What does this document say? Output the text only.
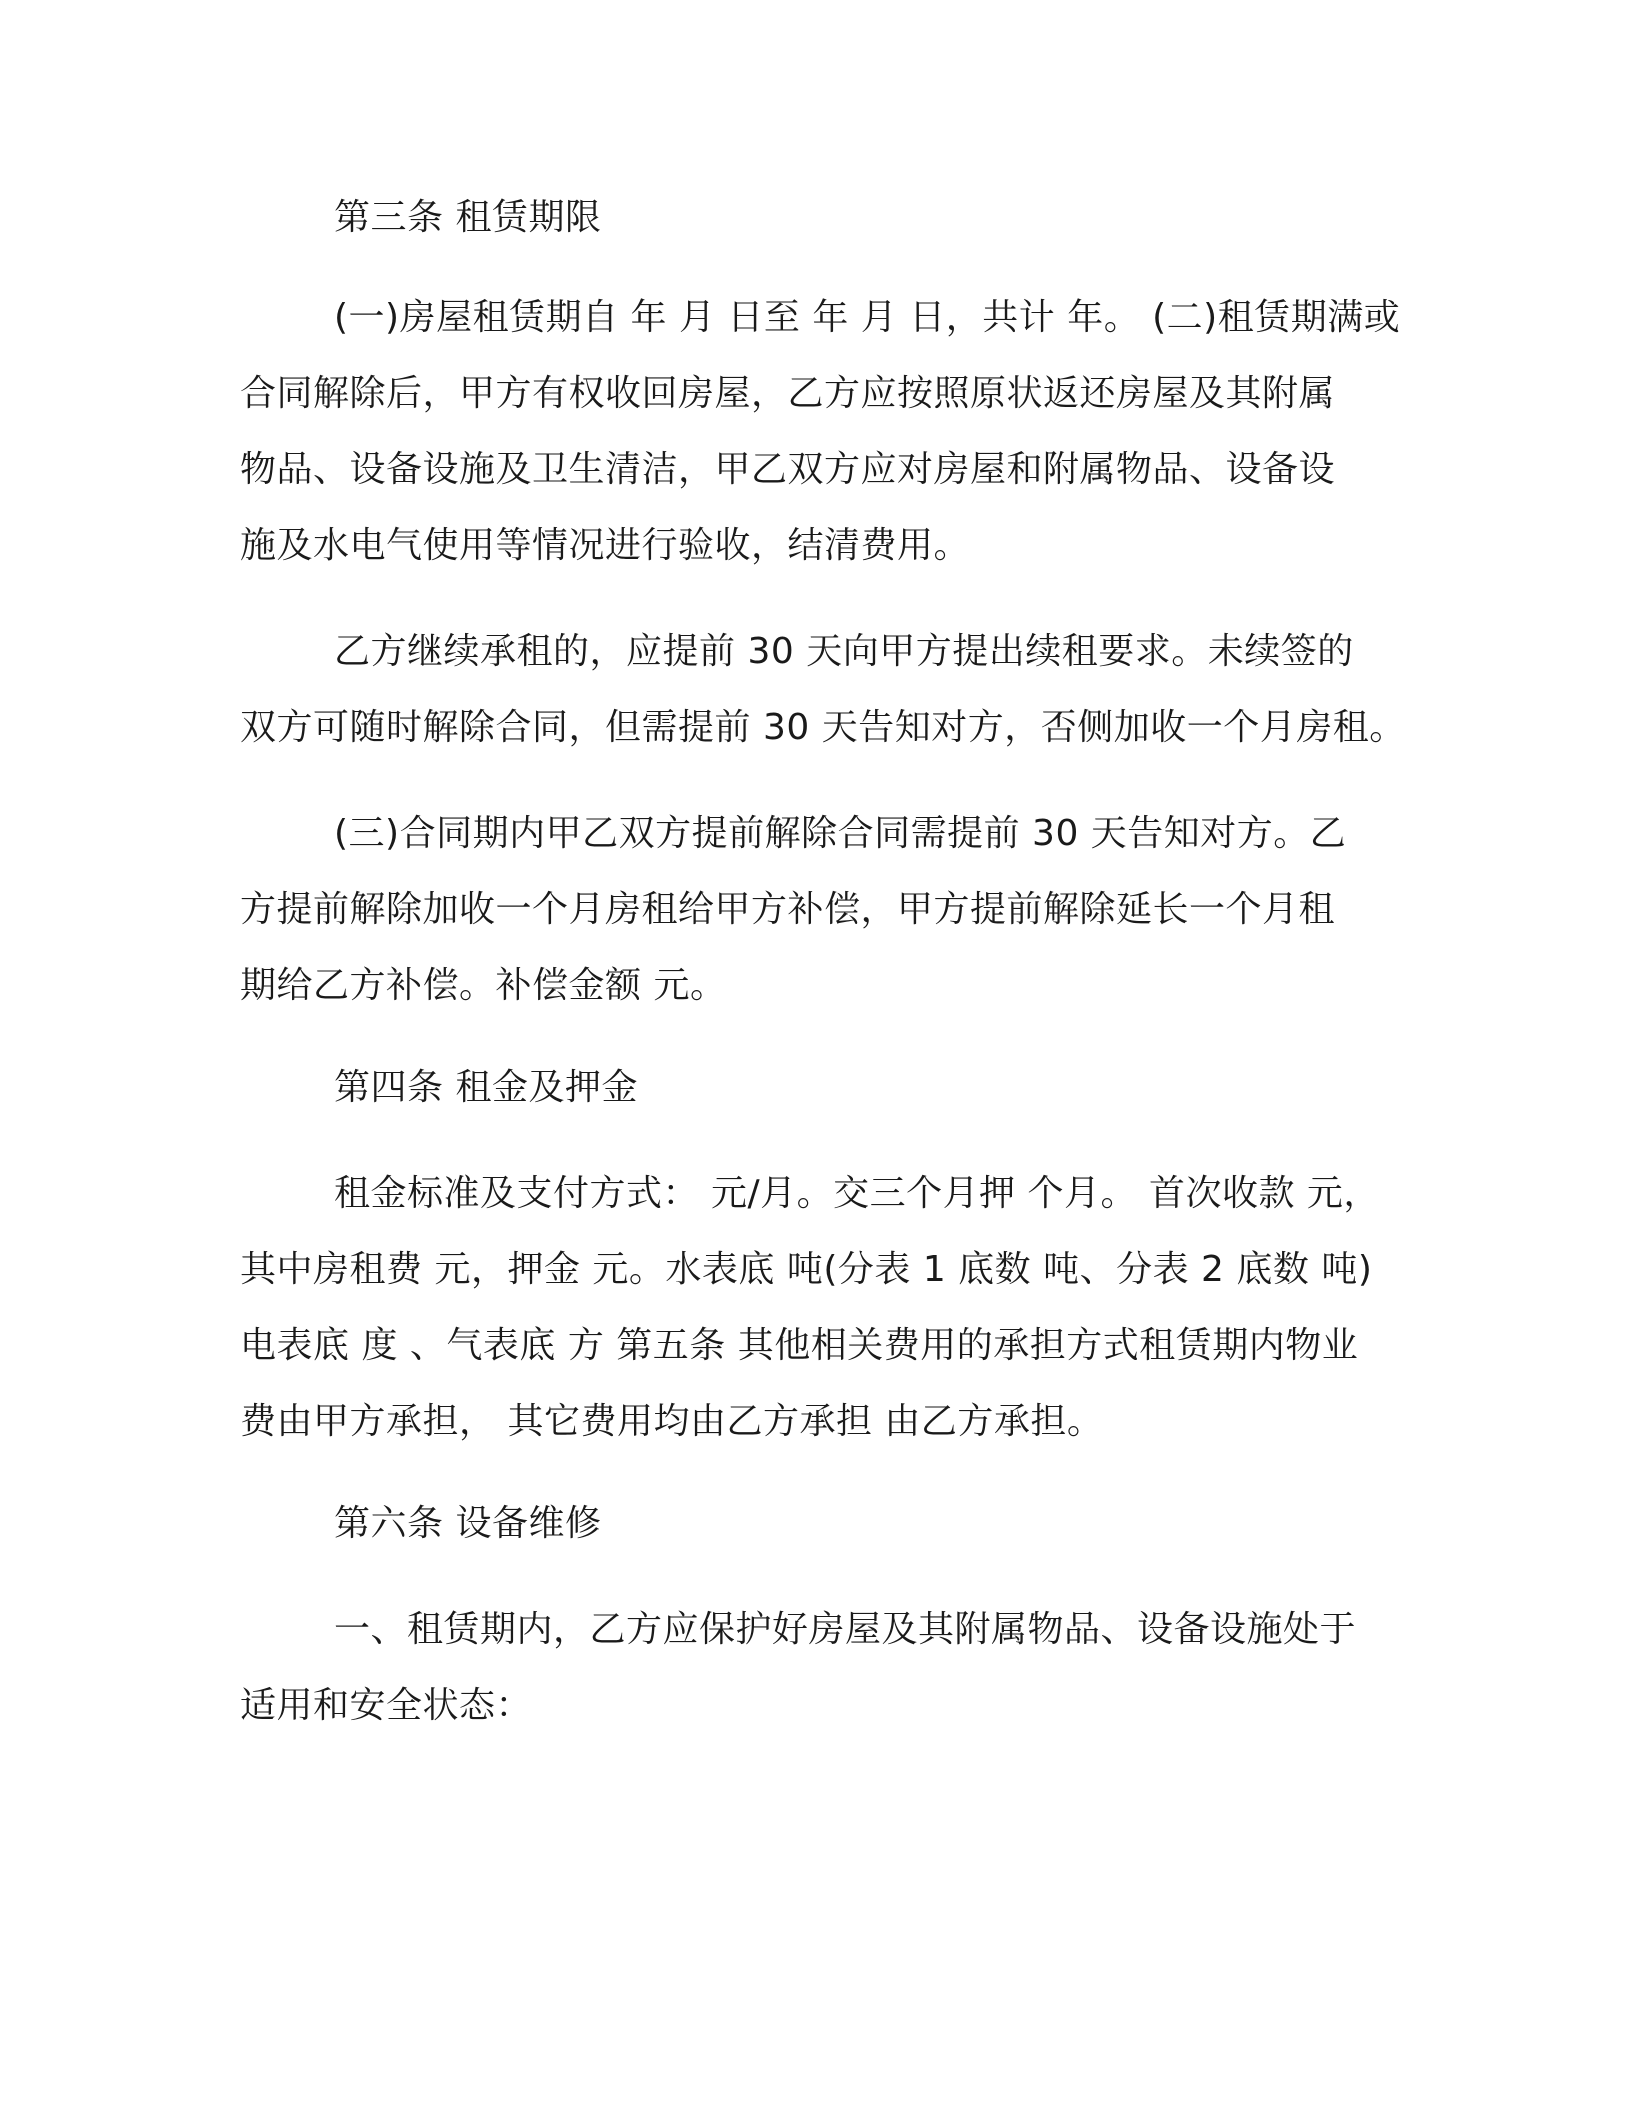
第三条 租赁期限
(一)房屋租赁期自 年 月 日至 年 月 日，共计 年。 (二)租赁期满或
合同解除后，甲方有权收回房屋，乙方应按照原状返还房屋及其附属
物品、设备设施及卫生清洁，甲乙双方应对房屋和附属物品、设备设
施及水电气使用等情况进行验收，结清费用。
乙方继续承租的，应提前 30 天向甲方提出续租要求。未续签的
双方可随时解除合同，但需提前 30 天告知对方，否侧加收一个月房租。
(三)合同期内甲乙双方提前解除合同需提前 30 天告知对方。乙
方提前解除加收一个月房租给甲方补偿，甲方提前解除延长一个月租
期给乙方补偿。补偿金额 元。
第四条 租金及押金
租金标准及支付方式： 元/月。交三个月押 个月。 首次收款 元，
其中房租费 元，押金 元。水表底 吨(分表 1 底数 吨、分表 2 底数 吨)
电表底 度 、气表底 方 第五条 其他相关费用的承担方式租赁期内物业
费由甲方承担， 其它费用均由乙方承担 由乙方承担。
第六条 设备维修
一、租赁期内，乙方应保护好房屋及其附属物品、设备设施处于
适用和安全状态：
